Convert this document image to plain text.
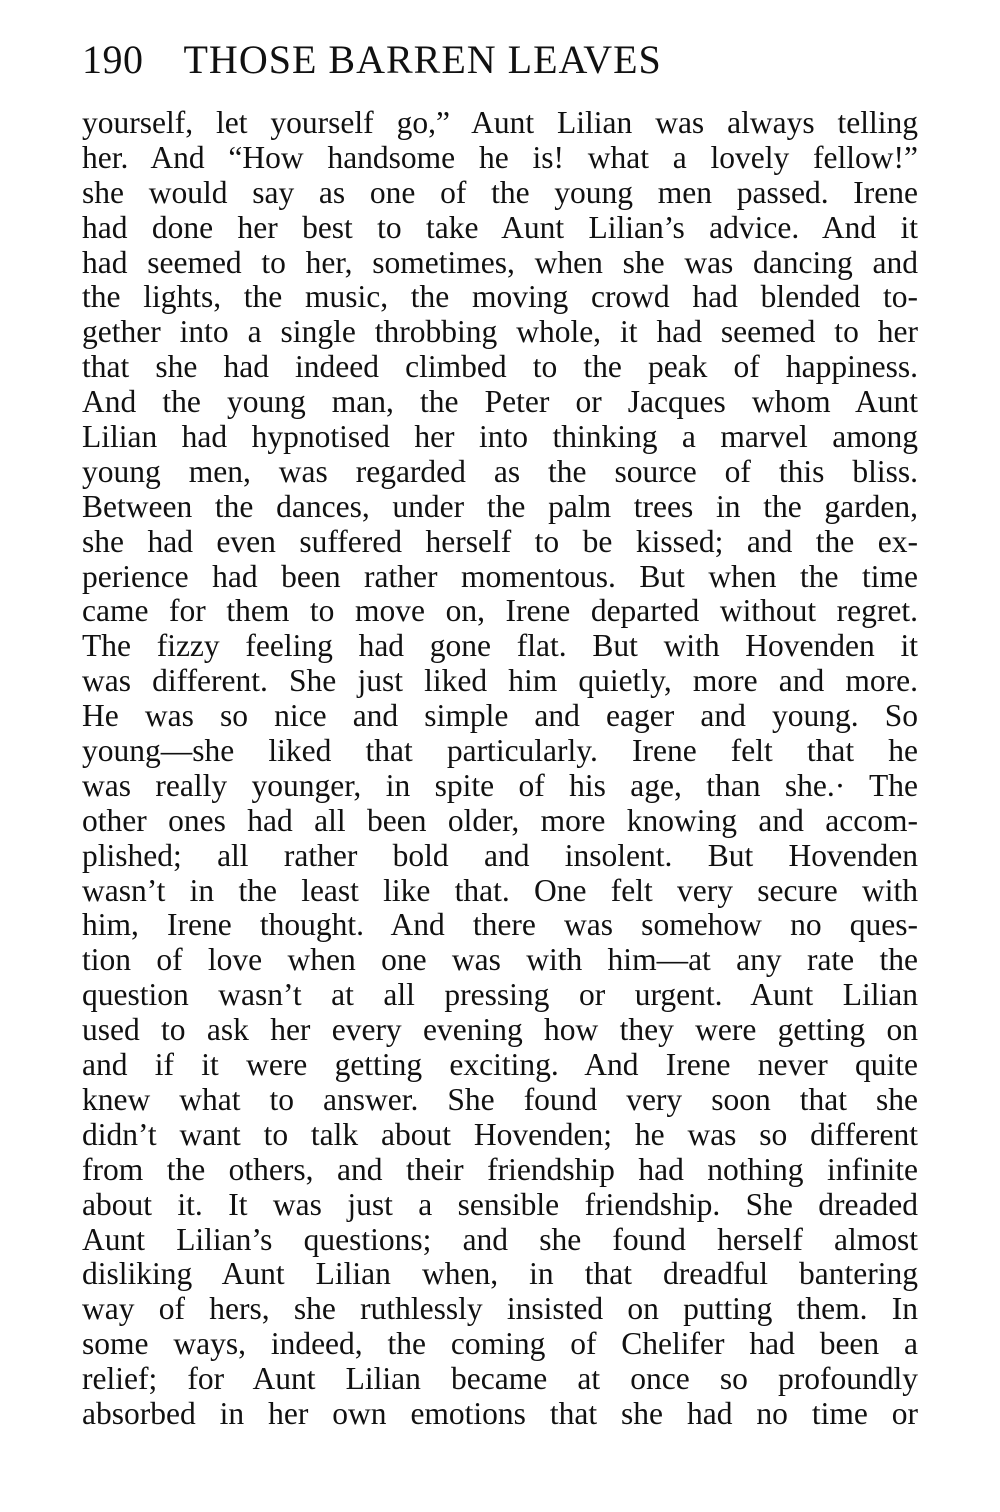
190 THOSE BARREN LEAVES
yourself, let yourself go,” Aunt Lilian was always telling
her. And “How handsome he is! what a lovely fellow!”
she would say as one of the young men passed. Irene
had done her best to take Aunt Lilian’s advice. And it
had seemed to her, sometimes, when she was dancing and
the lights, the music, the moving crowd had blended to-
gether into a single throbbing whole, it had seemed to her
that she had indeed climbed to the peak of happiness.
And the young man, the Peter or Jacques whom Aunt
Lilian had hypnotised her into thinking a marvel among
young men, was regarded as the source of this bliss.
Between the dances, under the palm trees in the garden,
she had even suffered herself to be kissed; and the ex-
perience had been rather momentous. But when the time
came for them to move on, Irene departed without regret.
The fizzy feeling had gone flat. But with Hovenden it
was different. She just liked him quietly, more and more.
He was so nice and simple and eager and young. So
young—she liked that particularly. Irene felt that he
was really younger, in spite of his age, than she.· The
other ones had all been older, more knowing and accom-
plished; all rather bold and insolent. But Hovenden
wasn’t in the least like that. One felt very secure with
him, Irene thought. And there was somehow no ques-
tion of love when one was with him—at any rate the
question wasn’t at all pressing or urgent. Aunt Lilian
used to ask her every evening how they were getting on
and if it were getting exciting. And Irene never quite
knew what to answer. She found very soon that she
didn’t want to talk about Hovenden; he was so different
from the others, and their friendship had nothing infinite
about it. It was just a sensible friendship. She dreaded
Aunt Lilian’s questions; and she found herself almost
disliking Aunt Lilian when, in that dreadful bantering
way of hers, she ruthlessly insisted on putting them. In
some ways, indeed, the coming of Chelifer had been a
relief; for Aunt Lilian became at once so profoundly
absorbed in her own emotions that she had no time or
